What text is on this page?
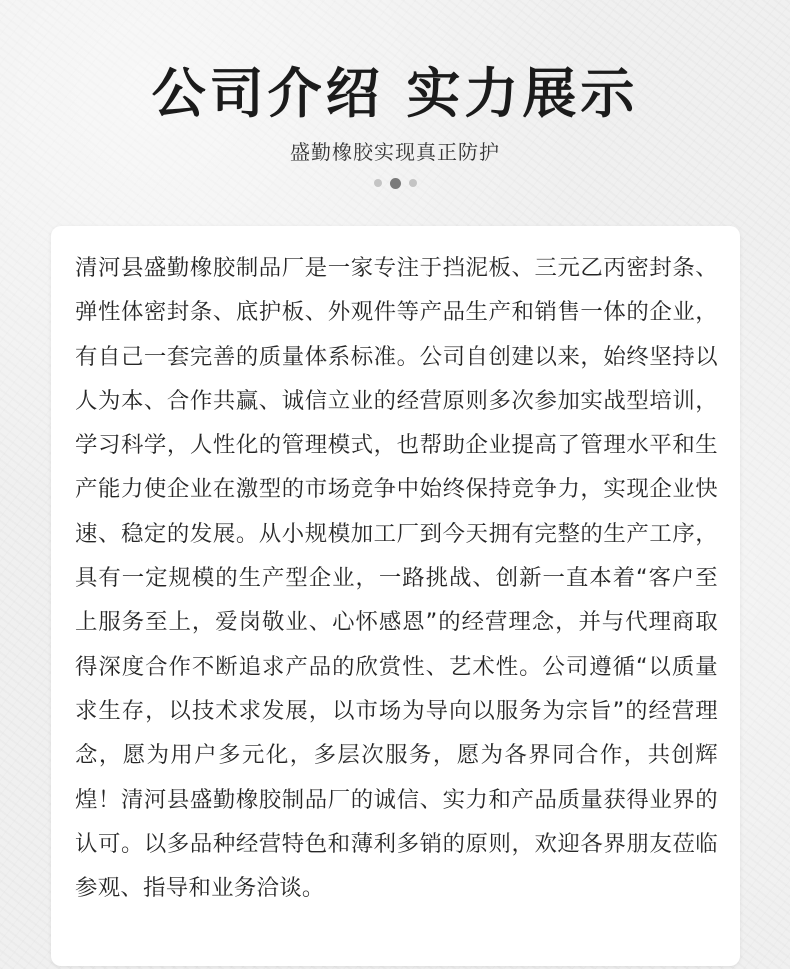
公司介绍 实力展示
盛勤橡胶实现真正防护

清河县盛勤橡胶制品厂是一家专注于挡泥板、三元乙丙密封条、弹性体密封条、底护板、外观件等产品生产和销售一体的企业，有自己一套完善的质量体系标准。公司自创建以来，始终坚持以人为本、合作共赢、诚信立业的经营原则多次参加实战型培训，学习科学，人性化的管理模式，也帮助企业提高了管理水平和生产能力使企业在激型的市场竞争中始终保持竞争力，实现企业快速、稳定的发展。从小规模加工厂到今天拥有完整的生产工序，具有一定规模的生产型企业，一路挑战、创新一直本着“客户至上服务至上，爱岗敬业、心怀感恩”的经营理念，并与代理商取得深度合作不断追求产品的欣赏性、艺术性。公司遵循“以质量求生存，以技术求发展，以市场为导向以服务为宗旨”的经营理念，愿为用户多元化，多层次服务，愿为各界同合作，共创辉煌！清河县盛勤橡胶制品厂的诚信、实力和产品质量获得业界的认可。以多品种经营特色和薄利多销的原则，欢迎各界朋友莅临参观、指导和业务洽谈。
